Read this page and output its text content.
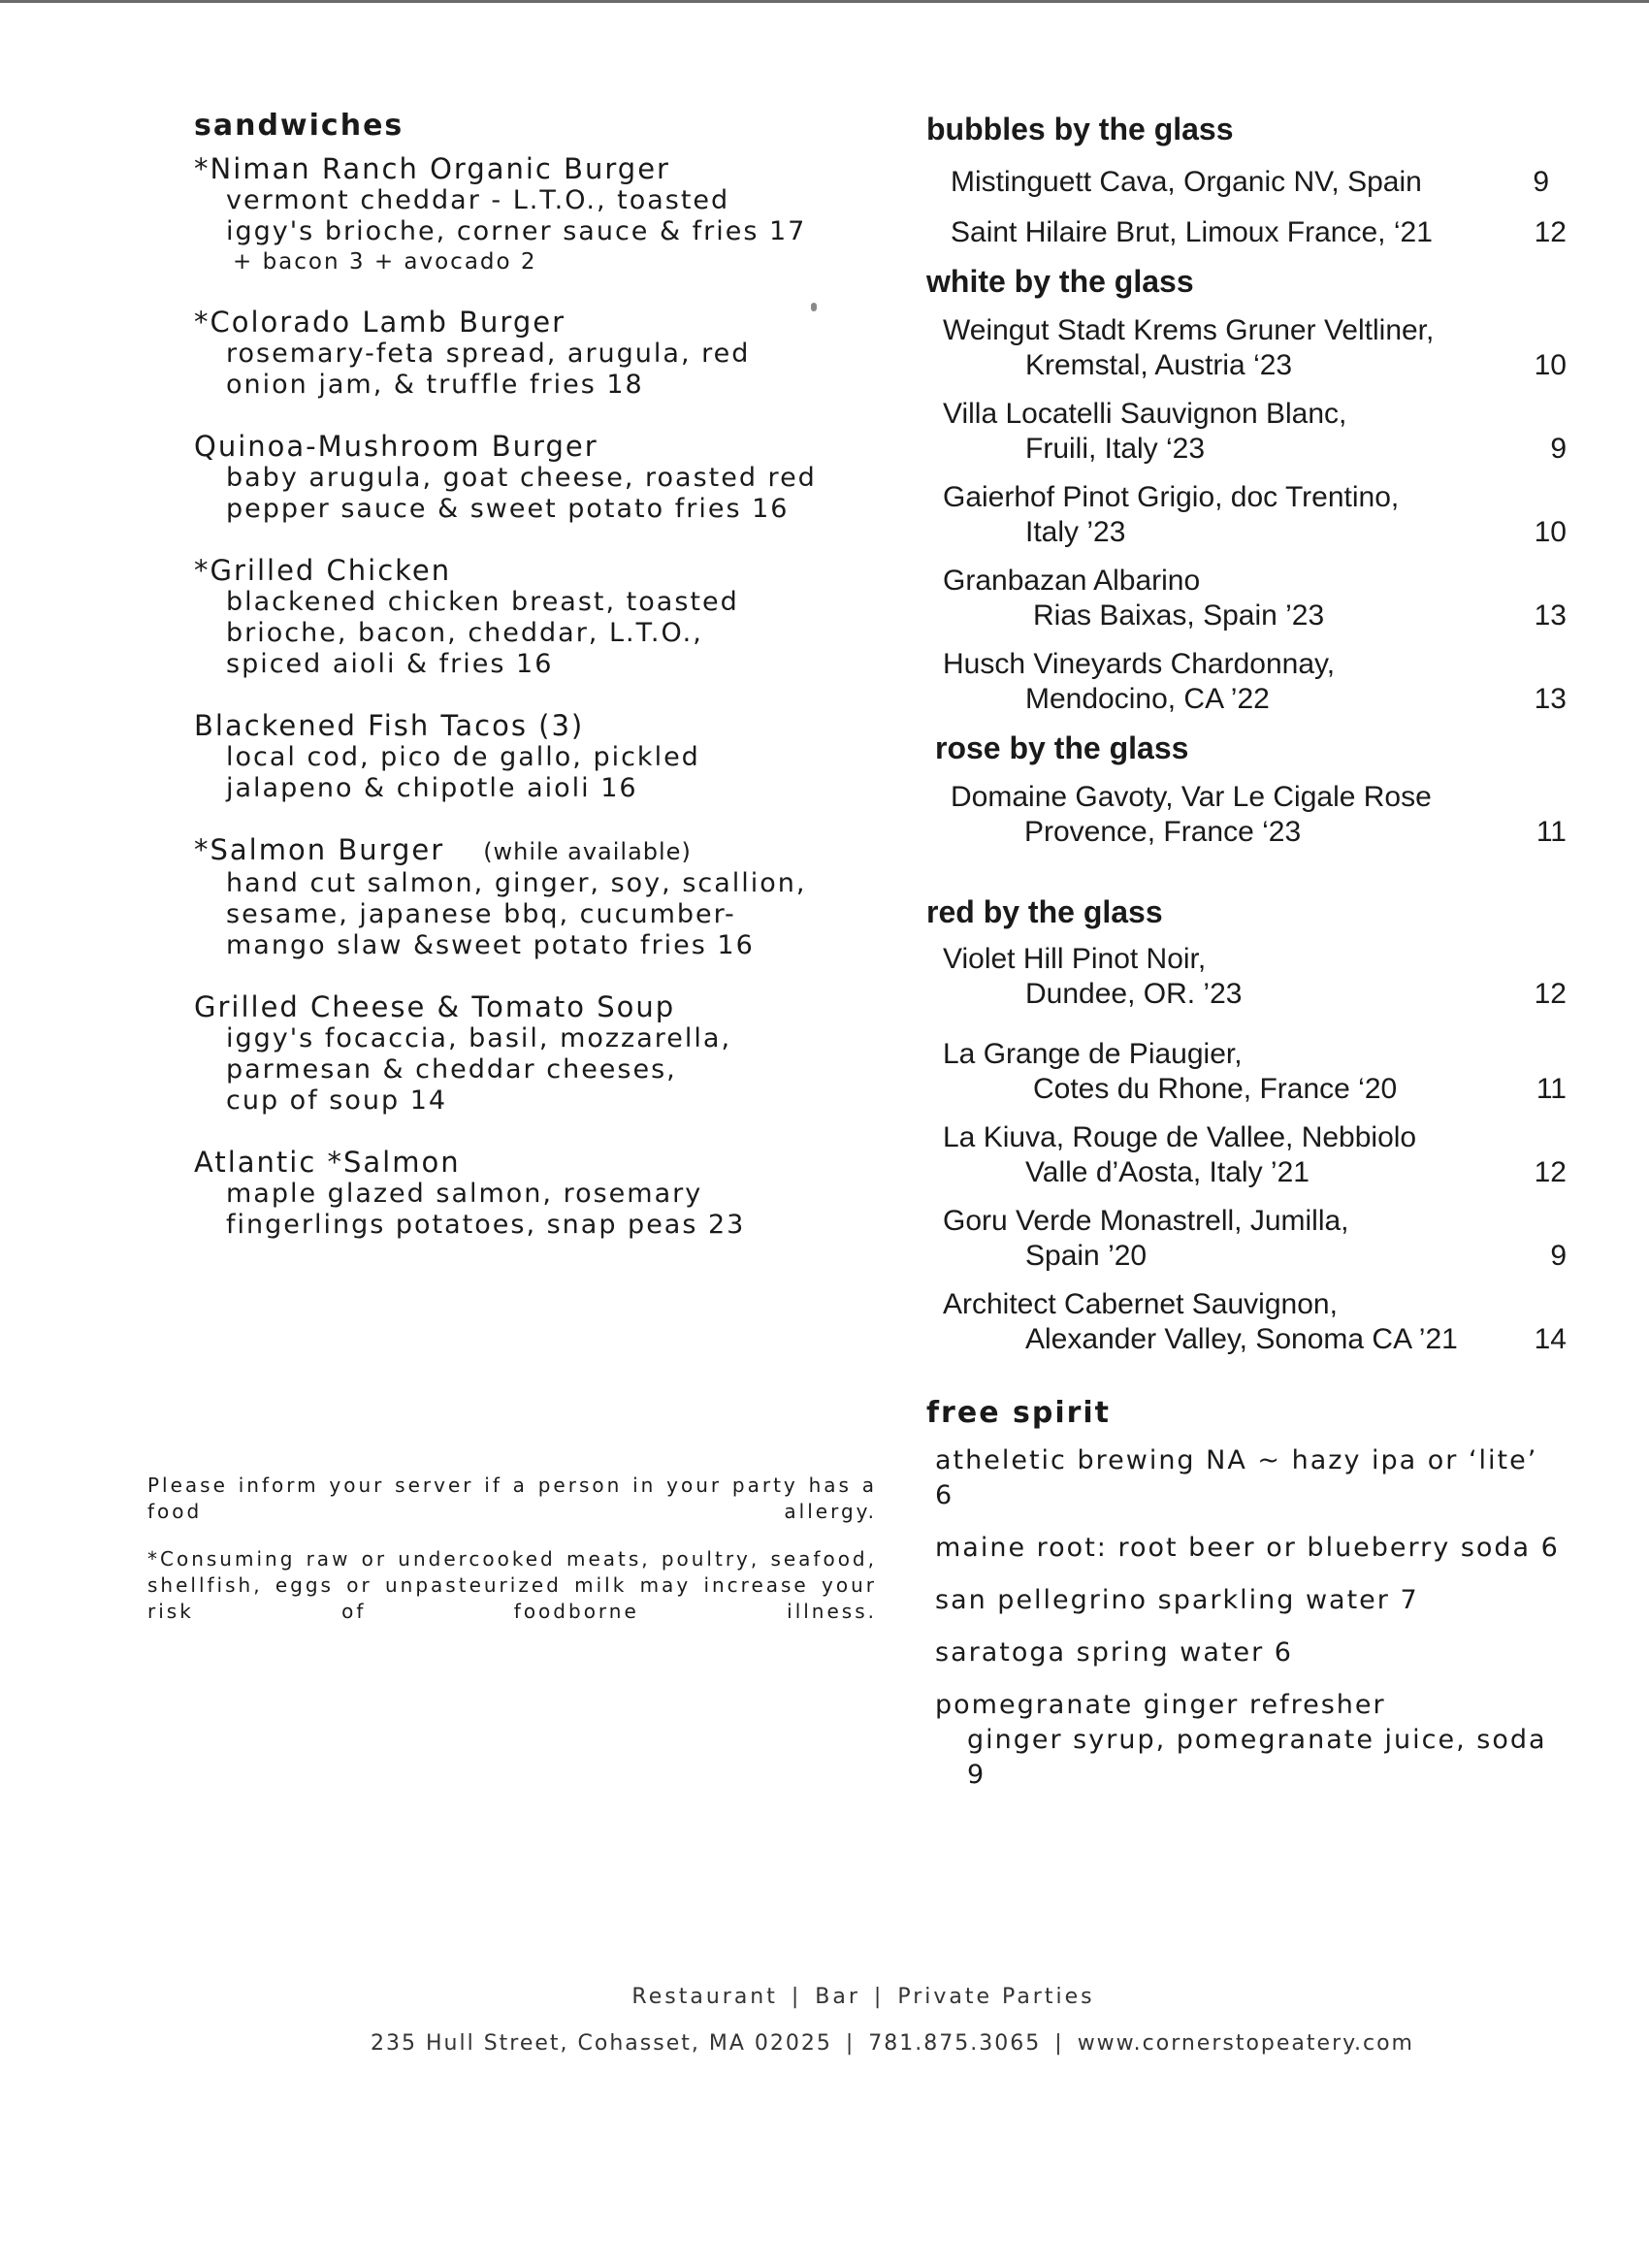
sandwiches
*Niman Ranch Organic Burger
vermont cheddar - L.T.O., toasted
iggy's brioche, corner sauce & fries 17
+ bacon 3 + avocado 2
*Colorado Lamb Burger
rosemary-feta spread, arugula, red
onion jam, & truffle fries 18
Quinoa-Mushroom Burger
baby arugula, goat cheese, roasted red
pepper sauce & sweet potato fries 16
*Grilled Chicken
blackened chicken breast, toasted
brioche, bacon, cheddar, L.T.O.,
spiced aioli & fries 16
Blackened Fish Tacos (3)
local cod, pico de gallo, pickled
jalapeno & chipotle aioli 16
*Salmon Burger (while available)
hand cut salmon, ginger, soy, scallion,
sesame, japanese bbq, cucumber-
mango slaw &sweet potato fries 16
Grilled Cheese & Tomato Soup
iggy's focaccia, basil, mozzarella,
parmesan & cheddar cheeses,
cup of soup 14
Atlantic *Salmon
maple glazed salmon, rosemary
fingerlings potatoes, snap peas 23

Please inform your server if a person in your party has a food allergy.

*Consuming raw or undercooked meats, poultry, seafood, shellfish, eggs or unpasteurized milk may increase your risk of foodborne illness.

bubbles by the glass
Mistinguett Cava, Organic NV, Spain	9
Saint Hilaire Brut, Limoux France, ‘21	12
white by the glass
Weingut Stadt Krems Gruner Veltliner,
Kremstal, Austria ‘23	10
Villa Locatelli Sauvignon Blanc,
Fruili, Italy ‘23	9
Gaierhof Pinot Grigio, doc Trentino,
Italy ’23	10
Granbazan Albarino
Rias Baixas, Spain ’23	13
Husch Vineyards Chardonnay,
Mendocino, CA ’22	13
rose by the glass
Domaine Gavoty, Var Le Cigale Rose
Provence, France ‘23	11
red by the glass
Violet Hill Pinot Noir,
Dundee, OR. ’23	12
La Grange de Piaugier,
Cotes du Rhone, France ‘20	11
La Kiuva, Rouge de Vallee, Nebbiolo
Valle d’Aosta, Italy ’21	12
Goru Verde Monastrell, Jumilla,
Spain ’20	9
Architect Cabernet Sauvignon,
Alexander Valley, Sonoma CA ’21	14
free spirit
atheletic brewing NA ~ hazy ipa or ‘lite’ 6
maine root: root beer or blueberry soda 6
san pellegrino sparkling water 7
saratoga spring water 6
pomegranate ginger refresher
ginger syrup, pomegranate juice, soda 9
Restaurant | Bar | Private Parties
235 Hull Street, Cohasset, MA 02025 | 781.875.3065 | www.cornerstopeatery.com
